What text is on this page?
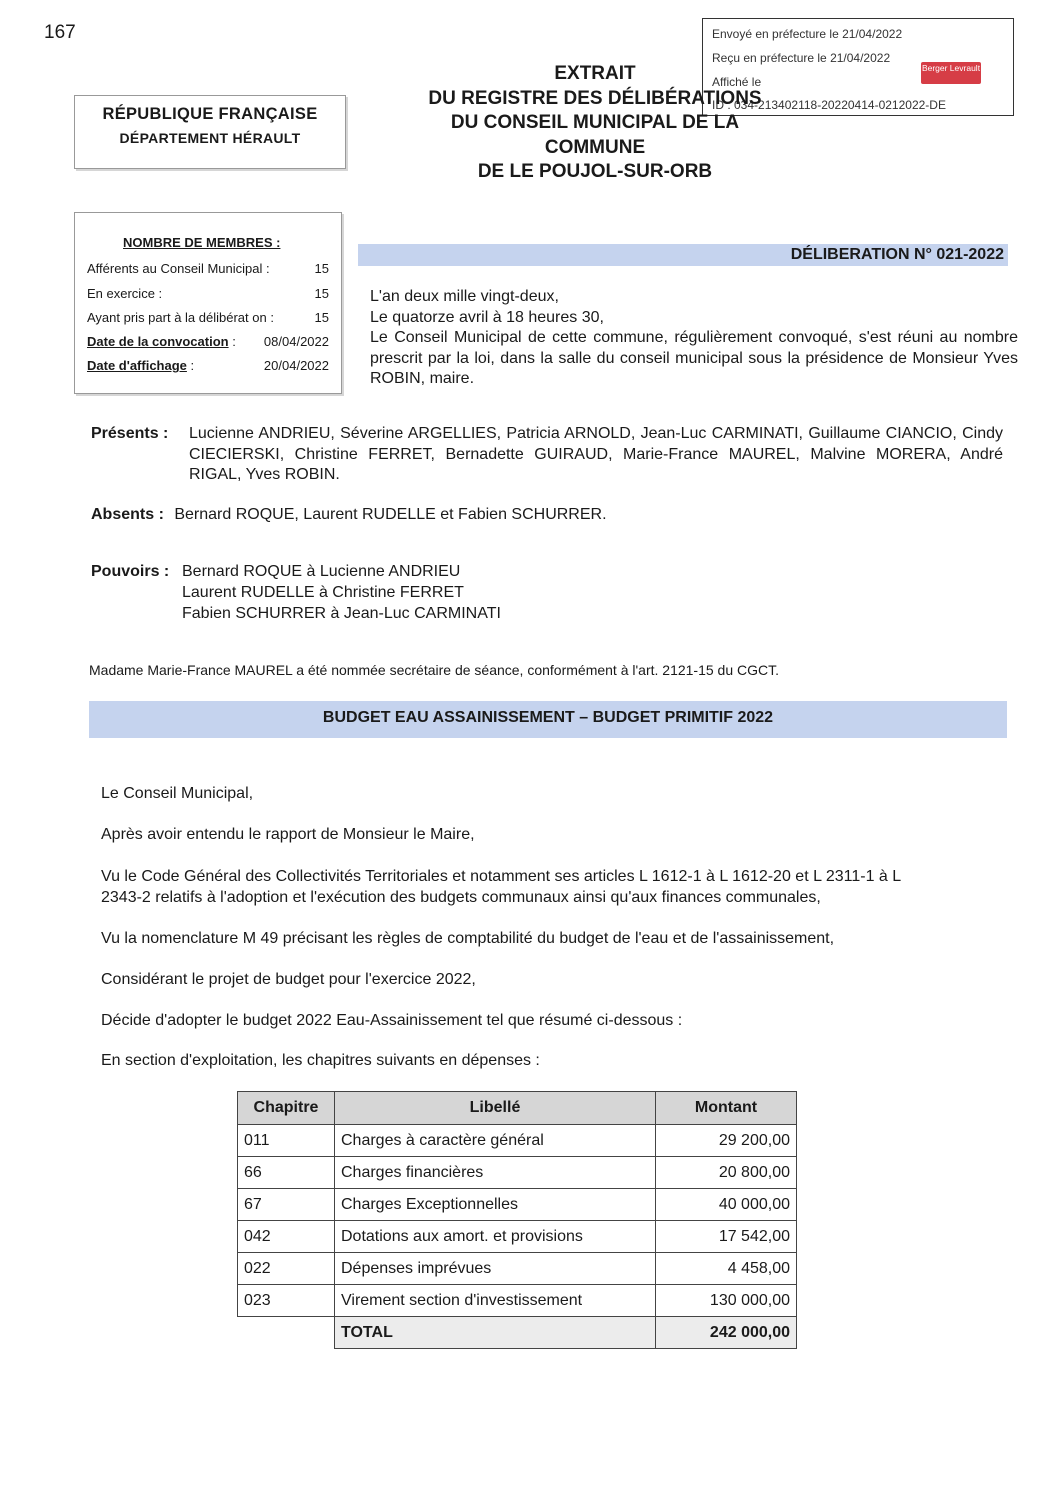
167	Envoyé en préfecture le 21/04/2022
Reçu en préfecture le 21/04/2022
Affiché le
ID : 034-213402118-20220414-0212022-DE
Berger Levrault
RÉPUBLIQUE FRANÇAISE
DÉPARTEMENT HÉRAULT
EXTRAIT
DU REGISTRE DES DÉLIBÉRATIONS
DU CONSEIL MUNICIPAL DE LA
COMMUNE
DE LE POUJOL-SUR-ORB
NOMBRE DE MEMBRES :
Afférents au Conseil Municipal :	15
En exercice :	15
Ayant pris part à la délibérat on :	15
Date de la convocation : 08/04/2022
Date d'affichage :	20/04/2022
DÉLIBERATION N° 021-2022
L'an deux mille vingt-deux,
Le quatorze avril à 18 heures 30,
Le Conseil Municipal de cette commune, régulièrement convoqué, s'est réuni au nombre prescrit par la loi, dans la salle du conseil municipal sous la présidence de Monsieur Yves ROBIN, maire.
Présents : Lucienne ANDRIEU, Séverine ARGELLIES, Patricia ARNOLD, Jean-Luc CARMINATI, Guillaume CIANCIO, Cindy CIECIERSKI, Christine FERRET, Bernadette GUIRAUD, Marie-France MAUREL, Malvine MORERA, André RIGAL, Yves ROBIN.
Absents : Bernard ROQUE, Laurent RUDELLE et Fabien SCHURRER.
Pouvoirs : Bernard ROQUE à Lucienne ANDRIEU
Laurent RUDELLE à Christine FERRET
Fabien SCHURRER à Jean-Luc CARMINATI
Madame Marie-France MAUREL a été nommée secrétaire de séance, conformément à l'art. 2121-15 du CGCT.
BUDGET EAU ASSAINISSEMENT – BUDGET PRIMITIF 2022
Le Conseil Municipal,
Après avoir entendu le rapport de Monsieur le Maire,
Vu le Code Général des Collectivités Territoriales et notamment ses articles L 1612-1 à L 1612-20 et L 2311-1 à L
2343-2 relatifs à l'adoption et l'exécution des budgets communaux ainsi qu'aux finances communales,
Vu la nomenclature M 49 précisant les règles de comptabilité du budget de l'eau et de l'assainissement,
Considérant le projet de budget pour l'exercice 2022,
Décide d'adopter le budget 2022 Eau-Assainissement tel que résumé ci-dessous :
En section d'exploitation, les chapitres suivants en dépenses :
Chapitre	Libellé	Montant
011	Charges à caractère général	29 200,00
66	Charges financières	20 800,00
67	Charges Exceptionnelles	40 000,00
042	Dotations aux amort. et provisions	17 542,00
022	Dépenses imprévues	4 458,00
023	Virement section d'investissement	130 000,00
	TOTAL	242 000,00
